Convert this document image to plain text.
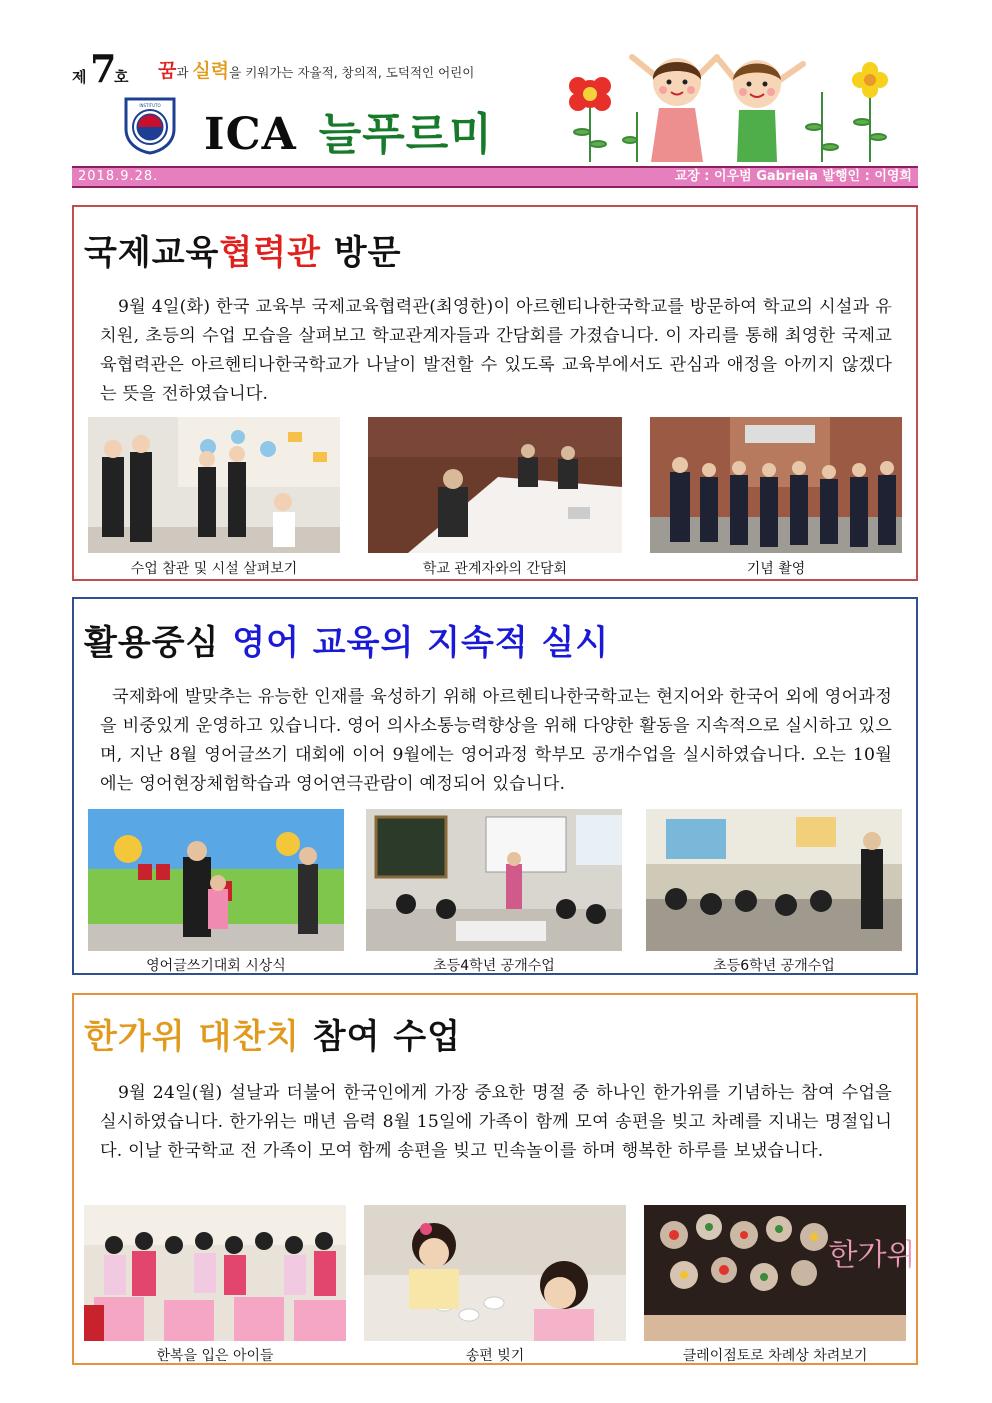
제 7
호 꿈과 실력을 키워가는 자율적, 창의적, 도덕적인 어린이
INSTITUTO
ICA 늘푸르미
2018.9.28.	교장 : 이우범 Gabriela 발행인 : 이영희
국제교육협력관 방문
9월 4일(화) 한국 교육부 국제교육협력관(최영한)이 아르헨티나한국학교를 방문하여 학교의 시설과 유치원, 초등의 수업 모습을 살펴보고 학교관계자들과 간담회를 가졌습니다. 이 자리를 통해 최영한 국제교육협력관은 아르헨티나한국학교가 나날이 발전할 수 있도록 교육부에서도 관심과 애정을 아끼지 않겠다는 뜻을 전하였습니다.
수업 참관 및 시설 살펴보기	학교 관계자와의 간담회	기념 촬영
활용중심 영어 교육의 지속적 실시
국제화에 발맞추는 유능한 인재를 육성하기 위해 아르헨티나한국학교는 현지어와 한국어 외에 영어과정을 비중있게 운영하고 있습니다. 영어 의사소통능력향상을 위해 다양한 활동을 지속적으로 실시하고 있으며, 지난 8월 영어글쓰기 대회에 이어 9월에는 영어과정 학부모 공개수업을 실시하였습니다. 오는 10월에는 영어현장체험학습과 영어연극관람이 예정되어 있습니다.
영어글쓰기대회 시상식	초등4학년 공개수업	초등6학년 공개수업
한가위 대찬치 참여 수업
9월 24일(월) 설날과 더불어 한국인에게 가장 중요한 명절 중 하나인 한가위를 기념하는 참여 수업을 실시하였습니다. 한가위는 매년 음력 8월 15일에 가족이 함께 모여 송편을 빚고 차례를 지내는 명절입니다. 이날 한국학교 전 가족이 모여 함께 송편을 빚고 민속놀이를 하며 행복한 하루를 보냈습니다.
한가위
한복을 입은 아이들	송편 빚기	클레이점토로 차례상 차려보기
